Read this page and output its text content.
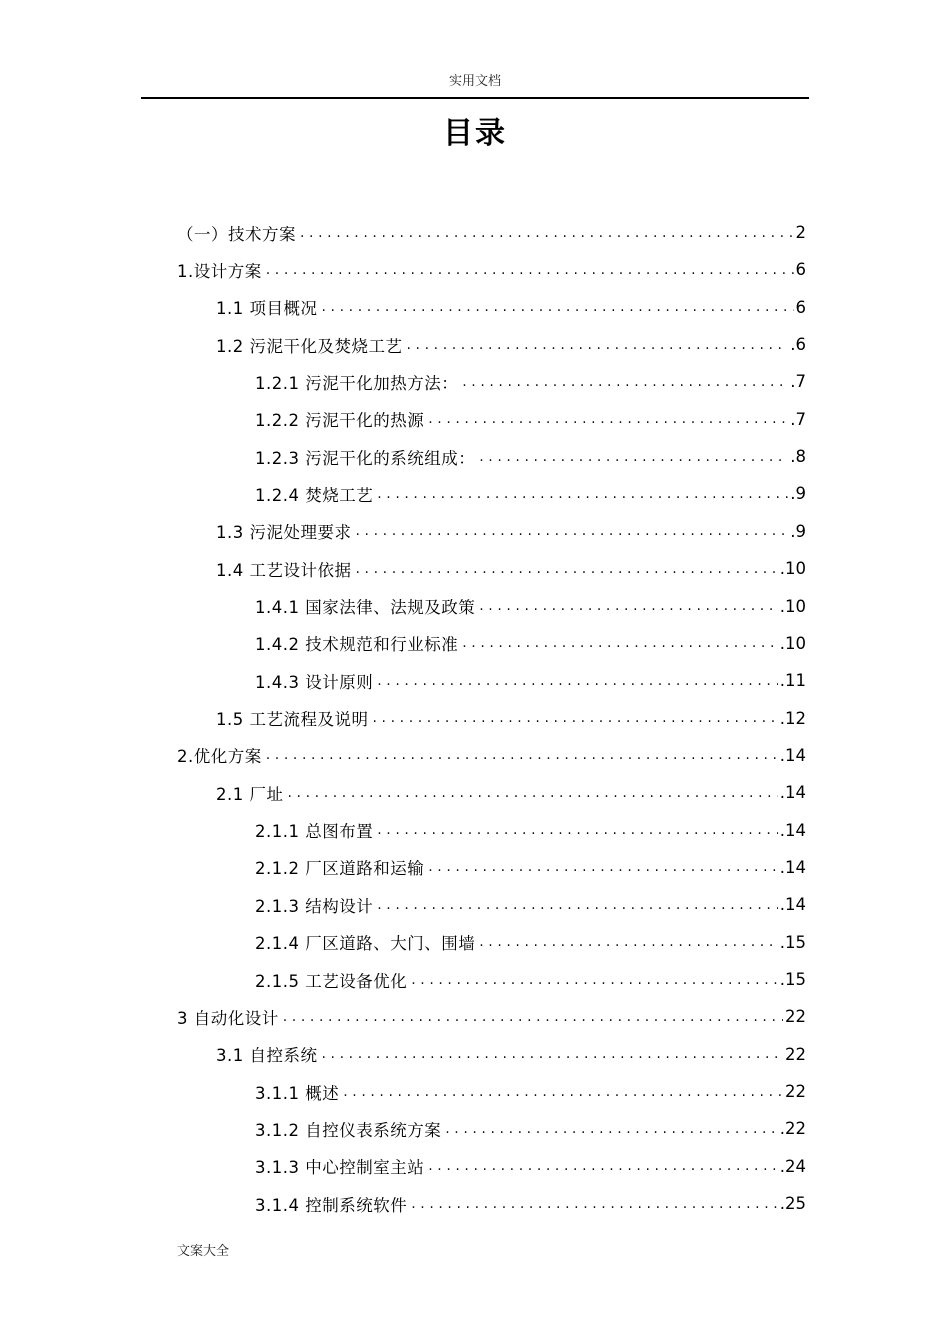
实用文档
目录
（一）技术方案 .....	2
1.设计方案 .....	6
1.1 项目概况 .....	6
1.2 污泥干化及焚烧工艺 .....	.6
1.2.1 污泥干化加热方法： .....	.7
1.2.2 污泥干化的热源 .....	.7
1.2.3 污泥干化的系统组成： .....	.8
1.2.4 焚烧工艺 .....	.9
1.3 污泥处理要求 .....	.9
1.4 工艺设计依据 .....	.10
1.4.1 国家法律、法规及政策 .....	.10
1.4.2 技术规范和行业标准 .....	.10
1.4.3 设计原则 .....	.11
1.5 工艺流程及说明 .....	.12
2.优化方案 .....	.14
2.1 厂址 .....	.14
2.1.1 总图布置 .....	.14
2.1.2 厂区道路和运输 .....	.14
2.1.3 结构设计 .....	.14
2.1.4 厂区道路、大门、围墙 .....	.15
2.1.5 工艺设备优化 .....	.15
3 自动化设计 .....	22
3.1 自控系统 .....	22
3.1.1 概述 .....	22
3.1.2 自控仪表系统方案 .....	.22
3.1.3 中心控制室主站 .....	.24
3.1.4 控制系统软件 .....	.25
文案大全
